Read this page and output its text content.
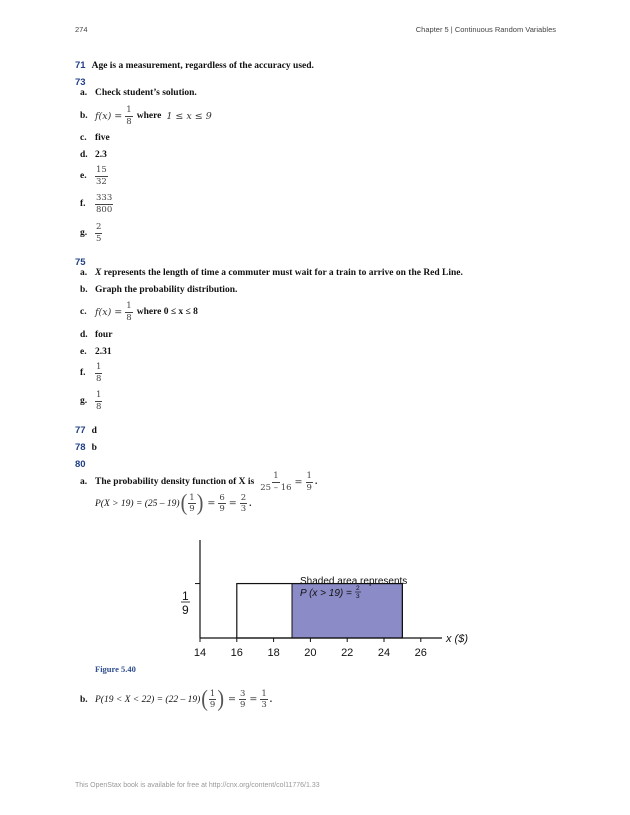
274	Chapter 5 | Continuous Random Variables
71 Age is a measurement, regardless of the accuracy used.
73
a. Check student’s solution.
b. $f(x) = \frac{1}{8}$ where 1 ≤ x ≤ 9
c. five
d. 2.3
e. $\frac{15}{32}$
f.	$\frac{333}{800}$
g. $\frac{2}{5}$
75
a. X represents the length of time a commuter must wait for a train to arrive on the Red Line.
b. Graph the probability distribution.
c. $f(x) = \frac{1}{8}$ where 0 ≤ x ≤ 8
d. four
e. 2.31
f.	$\frac{1}{8}$
g. $\frac{1}{8}$
77 d
78 b
80
a. The probability density function of X is $\frac{1}{25 - 16} = \frac{1}{9}$ .
P(X > 19) = (25 – 19) ( $\frac{1}{9}$ ) = $\frac{6}{9} = \frac{2}{3}$ .
14 16 18 20 22 24 26
Shaded area represents
P (x > 19) = 2
3
1
9
x ($)
Figure 5.40
b. P(19 < X < 22) = (22 – 19) ( $\frac{1}{9}$ ) = $\frac{3}{9} = \frac{1}{3}$ .
This OpenStax book is available for free at http://cnx.org/content/col11776/1.33
